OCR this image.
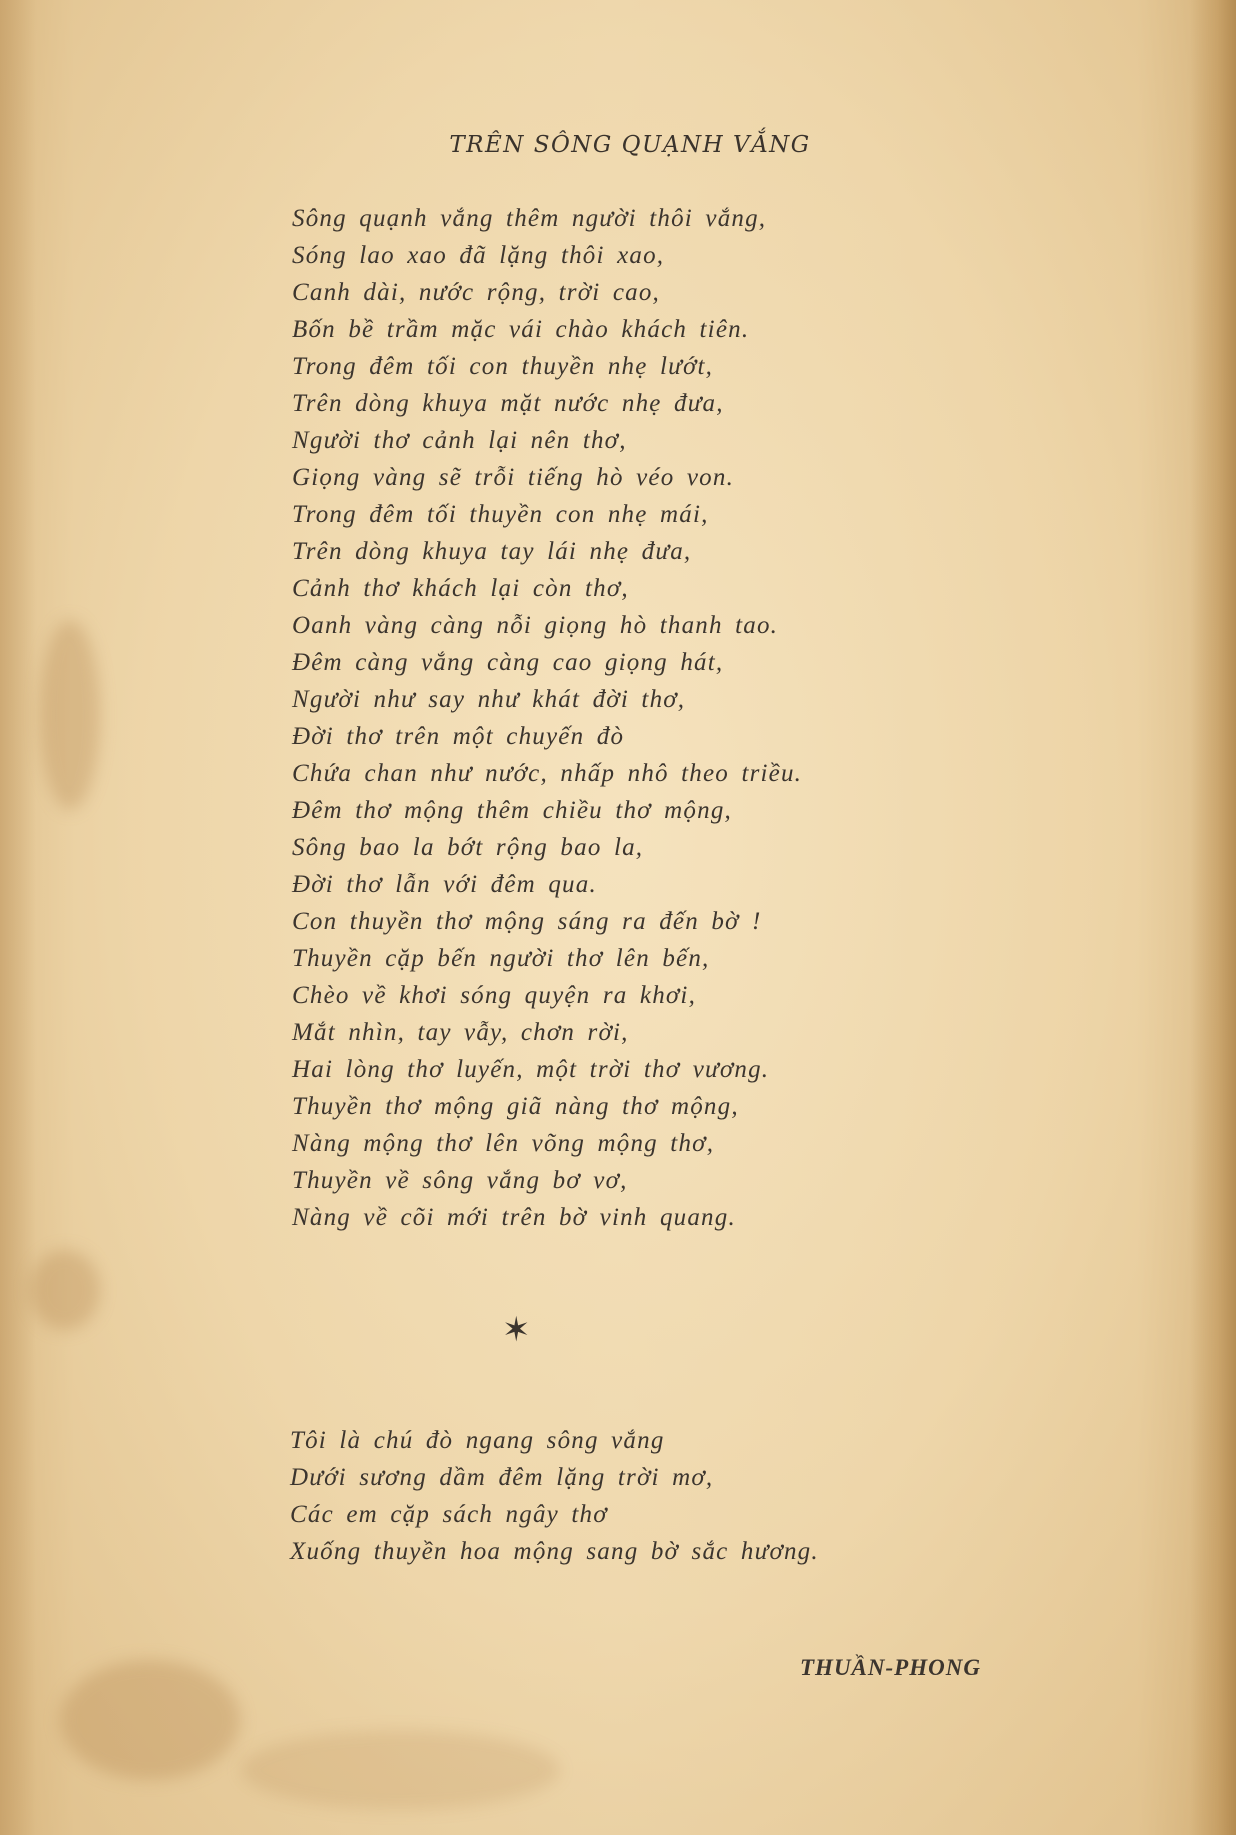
TRÊN SÔNG QUẠNH VẮNG
Sông quạnh vắng thêm người thôi vắng,
Sóng lao xao đã lặng thôi xao,
Canh dài, nước rộng, trời cao,
Bốn bề trầm mặc vái chào khách tiên.
Trong đêm tối con thuyền nhẹ lướt,
Trên dòng khuya mặt nước nhẹ đưa,
Người thơ cảnh lại nên thơ,
Giọng vàng sẽ trỗi tiếng hò véo von.
Trong đêm tối thuyền con nhẹ mái,
Trên dòng khuya tay lái nhẹ đưa,
Cảnh thơ khách lại còn thơ,
Oanh vàng càng nỗi giọng hò thanh tao.
Đêm càng vắng càng cao giọng hát,
Người như say như khát đời thơ,
Đời thơ trên một chuyến đò
Chứa chan như nước, nhấp nhô theo triều.
Đêm thơ mộng thêm chiều thơ mộng,
Sông bao la bớt rộng bao la,
Đời thơ lẫn với đêm qua.
Con thuyền thơ mộng sáng ra đến bờ !
Thuyền cặp bến người thơ lên bến,
Chèo về khơi sóng quyện ra khơi,
Mắt nhìn, tay vẫy, chơn rời,
Hai lòng thơ luyến, một trời thơ vương.
Thuyền thơ mộng giã nàng thơ mộng,
Nàng mộng thơ lên võng mộng thơ,
Thuyền về sông vắng bơ vơ,
Nàng về cõi mới trên bờ vinh quang.
✶
Tôi là chú đò ngang sông vắng
Dưới sương dầm đêm lặng trời mơ,
Các em cặp sách ngây thơ
Xuống thuyền hoa mộng sang bờ sắc hương.
THUẦN-PHONG
